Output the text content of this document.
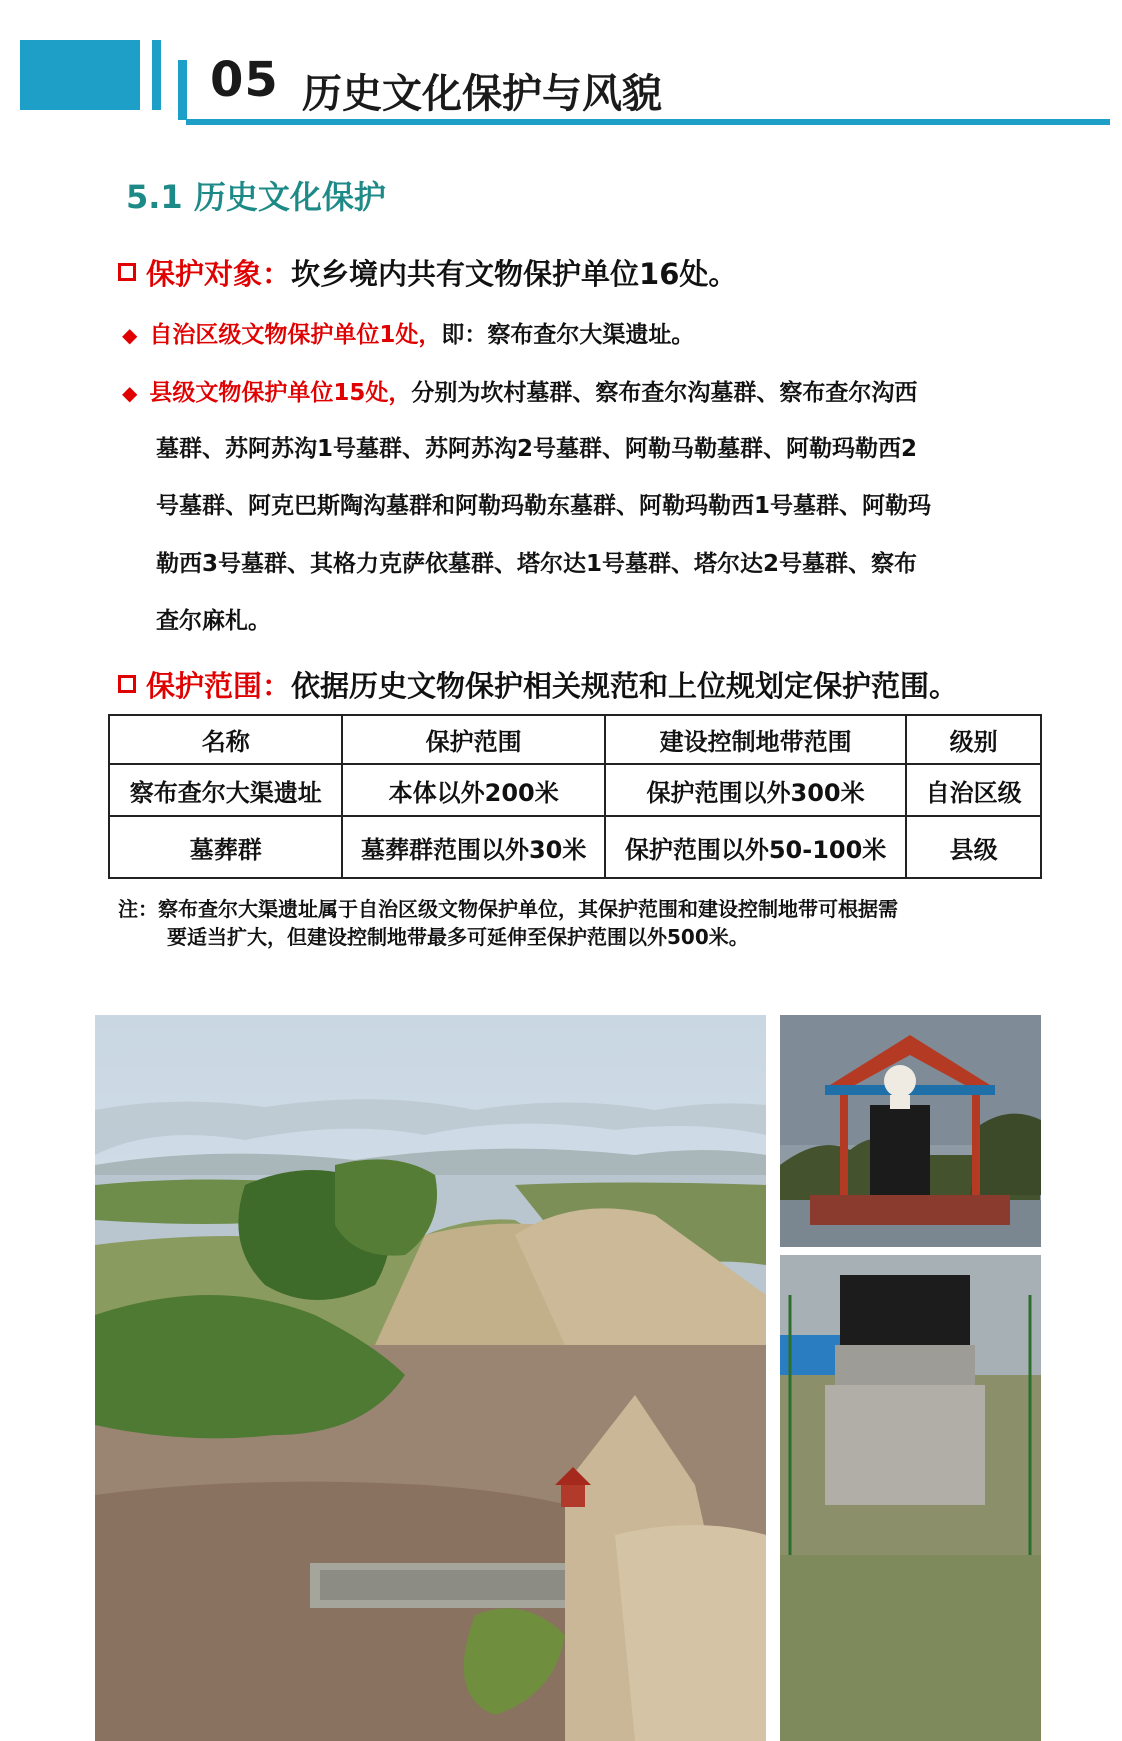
05 历史文化保护与风貌
5.1 历史文化保护
保护对象：坎乡境内共有文物保护单位16处。
◆ 自治区级文物保护单位1处，即：察布查尔大渠遗址。
◆ 县级文物保护单位15处，分别为坎村墓群、察布查尔沟墓群、察布查尔沟西
墓群、苏阿苏沟1号墓群、苏阿苏沟2号墓群、阿勒马勒墓群、阿勒玛勒西2
号墓群、阿克巴斯陶沟墓群和阿勒玛勒东墓群、阿勒玛勒西1号墓群、阿勒玛
勒西3号墓群、其格力克萨依墓群、塔尔达1号墓群、塔尔达2号墓群、察布
查尔麻札。
保护范围：依据历史文物保护相关规范和上位规划定保护范围。
名称	保护范围	建设控制地带范围	级别
察布查尔大渠遗址	本体以外200米	保护范围以外300米	自治区级
墓葬群	墓葬群范围以外30米	保护范围以外50-100米	县级
注：察布查尔大渠遗址属于自治区级文物保护单位，其保护范围和建设控制地带可根据需
要适当扩大，但建设控制地带最多可延伸至保护范围以外500米。
